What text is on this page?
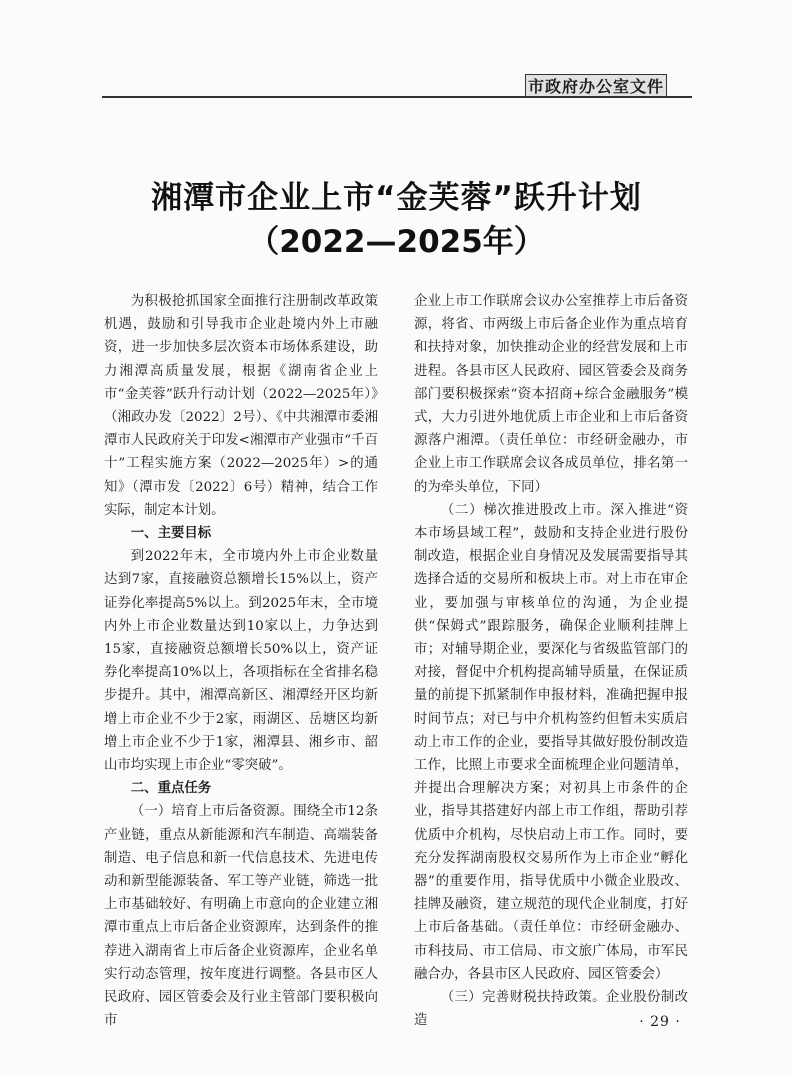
市政府办公室文件
湘潭市企业上市“金芙蓉”跃升计划
（2022—2025年）

为积极抢抓国家全面推行注册制改革政策机遇，鼓励和引导我市企业赴境内外上市融资，进一步加快多层次资本市场体系建设，助力湘潭高质量发展，根据《湖南省企业上市“金芙蓉”跃升行动计划（2022—2025年）》（湘政办发〔2022〕2号）、《中共湘潭市委湘潭市人民政府关于印发<湘潭市产业强市“千百十”工程实施方案（2022—2025年）>的通知》（潭市发〔2022〕6号）精神，结合工作实际，制定本计划。

一、主要目标

到2022年末，全市境内外上市企业数量达到7家，直接融资总额增长15%以上，资产证券化率提高5%以上。到2025年末，全市境内外上市企业数量达到10家以上，力争达到15家，直接融资总额增长50%以上，资产证券化率提高10%以上，各项指标在全省排名稳步提升。其中，湘潭高新区、湘潭经开区均新增上市企业不少于2家，雨湖区、岳塘区均新增上市企业不少于1家，湘潭县、湘乡市、韶山市均实现上市企业“零突破”。

二、重点任务

（一）培育上市后备资源。围绕全市12条产业链，重点从新能源和汽车制造、高端装备制造、电子信息和新一代信息技术、先进电传动和新型能源装备、军工等产业链，筛选一批上市基础较好、有明确上市意向的企业建立湘潭市重点上市后备企业资源库，达到条件的推荐进入湖南省上市后备企业资源库，企业名单实行动态管理，按年度进行调整。各县市区人民政府、园区管委会及行业主管部门要积极向市

企业上市工作联席会议办公室推荐上市后备资源，将省、市两级上市后备企业作为重点培育和扶持对象，加快推动企业的经营发展和上市进程。各县市区人民政府、园区管委会及商务部门要积极探索“资本招商+综合金融服务”模式，大力引进外地优质上市企业和上市后备资源落户湘潭。（责任单位：市经研金融办，市企业上市工作联席会议各成员单位，排名第一的为牵头单位，下同）

（二）梯次推进股改上市。深入推进“资本市场县域工程”，鼓励和支持企业进行股份制改造，根据企业自身情况及发展需要指导其选择合适的交易所和板块上市。对上市在审企业，要加强与审核单位的沟通，为企业提供“保姆式”跟踪服务，确保企业顺利挂牌上市；对辅导期企业，要深化与省级监管部门的对接，督促中介机构提高辅导质量，在保证质量的前提下抓紧制作申报材料，准确把握申报时间节点；对已与中介机构签约但暂未实质启动上市工作的企业，要指导其做好股份制改造工作，比照上市要求全面梳理企业问题清单，并提出合理解决方案；对初具上市条件的企业，指导其搭建好内部上市工作组，帮助引荐优质中介机构，尽快启动上市工作。同时，要充分发挥湖南股权交易所作为上市企业“孵化器”的重要作用，指导优质中小微企业股改、挂牌及融资，建立规范的现代企业制度，打好上市后备基础。（责任单位：市经研金融办、市科技局、市工信局、市文旅广体局，市军民融合办，各县市区人民政府、园区管委会）

（三）完善财税扶持政策。企业股份制改造	· 29 ·
